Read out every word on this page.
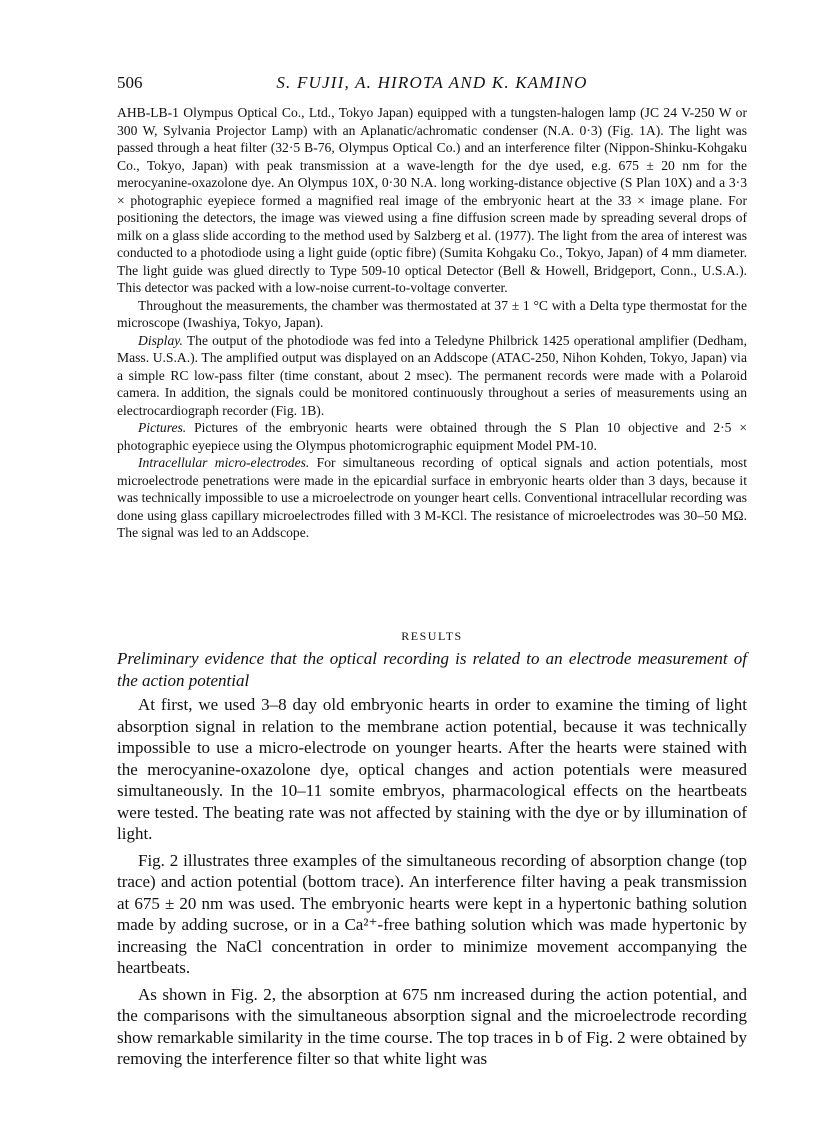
506	S. FUJII, A. HIROTA AND K. KAMINO

AHB-LB-1 Olympus Optical Co., Ltd., Tokyo Japan) equipped with a tungsten-halogen lamp (JC 24 V-250 W or 300 W, Sylvania Projector Lamp) with an Aplanatic/achromatic condenser (N.A. 0·3) (Fig. 1A). The light was passed through a heat filter (32·5 B-76, Olympus Optical Co.) and an interference filter (Nippon-Shinku-Kohgaku Co., Tokyo, Japan) with peak transmission at a wave-length for the dye used, e.g. 675 ± 20 nm for the merocyanine-oxazolone dye. An Olympus 10X, 0·30 N.A. long working-distance objective (S Plan 10X) and a 3·3 × photographic eyepiece formed a magnified real image of the embryonic heart at the 33 × image plane. For positioning the detectors, the image was viewed using a fine diffusion screen made by spreading several drops of milk on a glass slide according to the method used by Salzberg et al. (1977). The light from the area of interest was conducted to a photodiode using a light guide (optic fibre) (Sumita Kohgaku Co., Tokyo, Japan) of 4 mm diameter. The light guide was glued directly to Type 509-10 optical Detector (Bell & Howell, Bridgeport, Conn., U.S.A.). This detector was packed with a low-noise current-to-voltage converter.

Throughout the measurements, the chamber was thermostated at 37 ± 1 °C with a Delta type thermostat for the microscope (Iwashiya, Tokyo, Japan).

Display. The output of the photodiode was fed into a Teledyne Philbrick 1425 operational amplifier (Dedham, Mass. U.S.A.). The amplified output was displayed on an Addscope (ATAC-250, Nihon Kohden, Tokyo, Japan) via a simple RC low-pass filter (time constant, about 2 msec). The permanent records were made with a Polaroid camera. In addition, the signals could be monitored continuously throughout a series of measurements using an electrocardiograph recorder (Fig. 1B).

Pictures. Pictures of the embryonic hearts were obtained through the S Plan 10 objective and 2·5 × photographic eyepiece using the Olympus photomicrographic equipment Model PM-10.

Intracellular micro-electrodes. For simultaneous recording of optical signals and action potentials, most microelectrode penetrations were made in the epicardial surface in embryonic hearts older than 3 days, because it was technically impossible to use a microelectrode on younger heart cells. Conventional intracellular recording was done using glass capillary microelectrodes filled with 3 M-KCl. The resistance of microelectrodes was 30–50 MΩ. The signal was led to an Addscope.

RESULTS
Preliminary evidence that the optical recording is related to an electrode measurement of the action potential

At first, we used 3–8 day old embryonic hearts in order to examine the timing of light absorption signal in relation to the membrane action potential, because it was technically impossible to use a micro-electrode on younger hearts. After the hearts were stained with the merocyanine-oxazolone dye, optical changes and action potentials were measured simultaneously. In the 10–11 somite embryos, pharmacological effects on the heartbeats were tested. The beating rate was not affected by staining with the dye or by illumination of light.

Fig. 2 illustrates three examples of the simultaneous recording of absorption change (top trace) and action potential (bottom trace). An interference filter having a peak transmission at 675 ± 20 nm was used. The embryonic hearts were kept in a hypertonic bathing solution made by adding sucrose, or in a Ca²⁺-free bathing solution which was made hypertonic by increasing the NaCl concentration in order to minimize movement accompanying the heartbeats.

As shown in Fig. 2, the absorption at 675 nm increased during the action potential, and the comparisons with the simultaneous absorption signal and the microelectrode recording show remarkable similarity in the time course. The top traces in b of Fig. 2 were obtained by removing the interference filter so that white light was
